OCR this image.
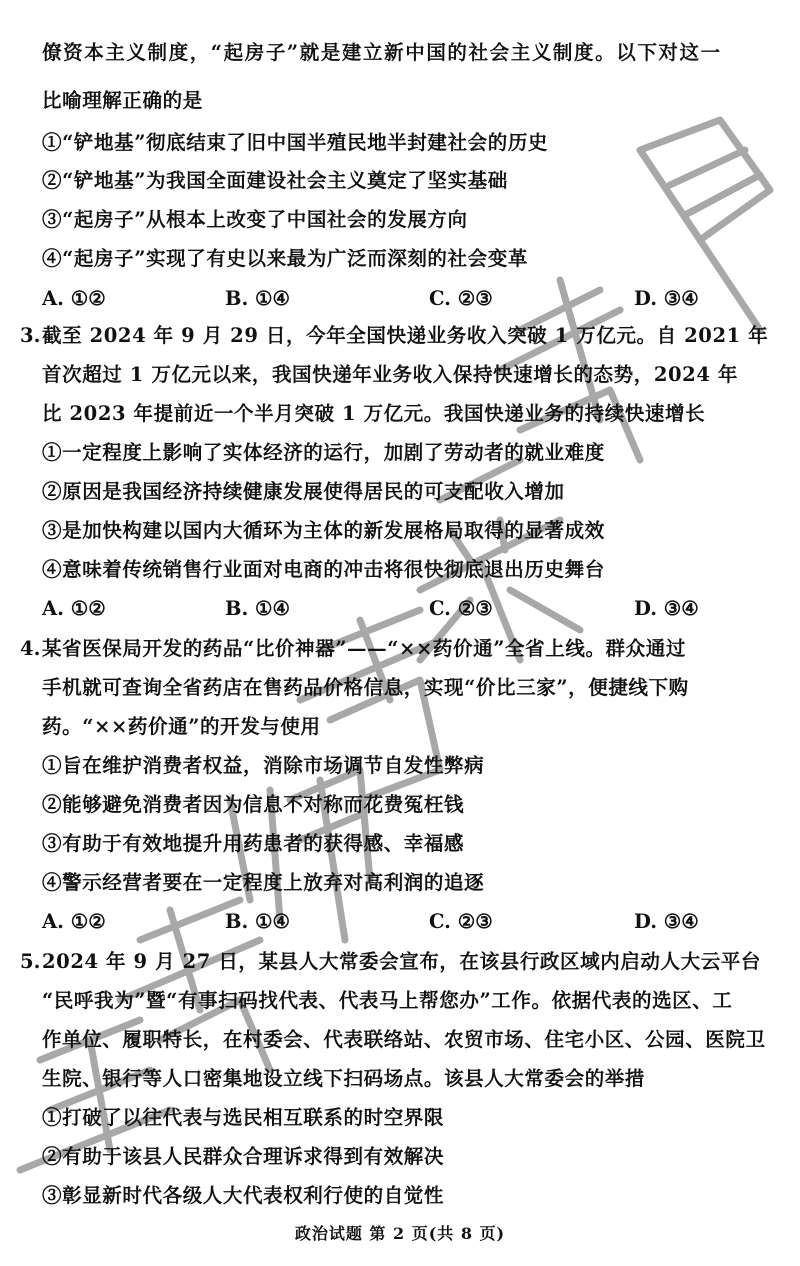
僚资本主义制度，“起房子”就是建立新中国的社会主义制度。以下对这一
比喻理解正确的是
①“铲地基”彻底结束了旧中国半殖民地半封建社会的历史
②“铲地基”为我国全面建设社会主义奠定了坚实基础
③“起房子”从根本上改变了中国社会的发展方向
④“起房子”实现了有史以来最为广泛而深刻的社会变革
A. ①②	B. ①④	C. ②③	D. ③④
3. 截至 2024 年 9 月 29 日，今年全国快递业务收入突破 1 万亿元。自 2021 年
首次超过 1 万亿元以来，我国快递年业务收入保持快速增长的态势，2024 年
比 2023 年提前近一个半月突破 1 万亿元。我国快递业务的持续快速增长
①一定程度上影响了实体经济的运行，加剧了劳动者的就业难度
②原因是我国经济持续健康发展使得居民的可支配收入增加
③是加快构建以国内大循环为主体的新发展格局取得的显著成效
④意味着传统销售行业面对电商的冲击将很快彻底退出历史舞台
A. ①②	B. ①④	C. ②③	D. ③④
4. 某省医保局开发的药品“比价神器”——“××药价通”全省上线。群众通过
手机就可查询全省药店在售药品价格信息，实现“价比三家”，便捷线下购
药。“××药价通”的开发与使用
①旨在维护消费者权益，消除市场调节自发性弊病
②能够避免消费者因为信息不对称而花费冤枉钱
③有助于有效地提升用药患者的获得感、幸福感
④警示经营者要在一定程度上放弃对高利润的追逐
A. ①②	B. ①④	C. ②③	D. ③④
5. 2024 年 9 月 27 日，某县人大常委会宣布，在该县行政区域内启动人大云平台
“民呼我为”暨“有事扫码找代表、代表马上帮您办”工作。依据代表的选区、工
作单位、履职特长，在村委会、代表联络站、农贸市场、住宅小区、公园、医院卫
生院、银行等人口密集地设立线下扫码场点。该县人大常委会的举措
①打破了以往代表与选民相互联系的时空界限
②有助于该县人民群众合理诉求得到有效解决
③彰显新时代各级人大代表权利行使的自觉性
政治试题 第 2 页(共 8 页)
